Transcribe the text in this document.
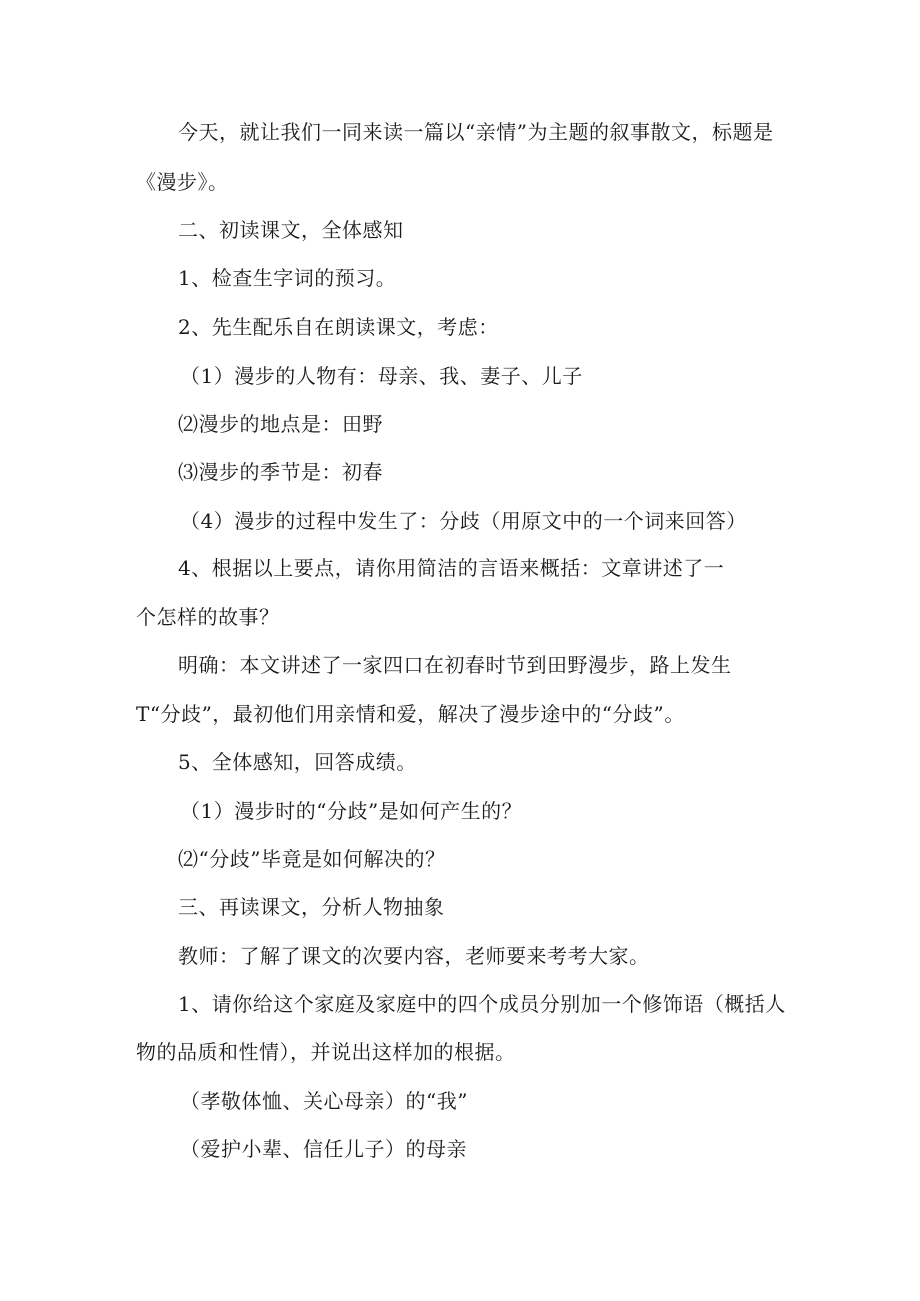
今天，就让我们一同来读一篇以“亲情”为主题的叙事散文，标题是
《漫步》。
二、初读课文，全体感知
1、检查生字词的预习。
2、先生配乐自在朗读课文，考虑：
（1）漫步的人物有：母亲、我、妻子、儿子
⑵漫步的地点是：田野
⑶漫步的季节是：初春
（4）漫步的过程中发生了：分歧（用原文中的一个词来回答）
4、根据以上要点，请你用简洁的言语来概括：文章讲述了一
个怎样的故事？
明确：本文讲述了一家四口在初春时节到田野漫步，路上发生
T“分歧”，最初他们用亲情和爱，解决了漫步途中的“分歧”。
5、全体感知，回答成绩。
（1）漫步时的“分歧”是如何产生的？
⑵“分歧”毕竟是如何解决的？
三、再读课文，分析人物抽象
教师：了解了课文的次要内容，老师要来考考大家。
1、请你给这个家庭及家庭中的四个成员分别加一个修饰语（概括人
物的品质和性情），并说出这样加的根据。
（孝敬体恤、关心母亲）的“我”
（爱护小辈、信任儿子）的母亲
